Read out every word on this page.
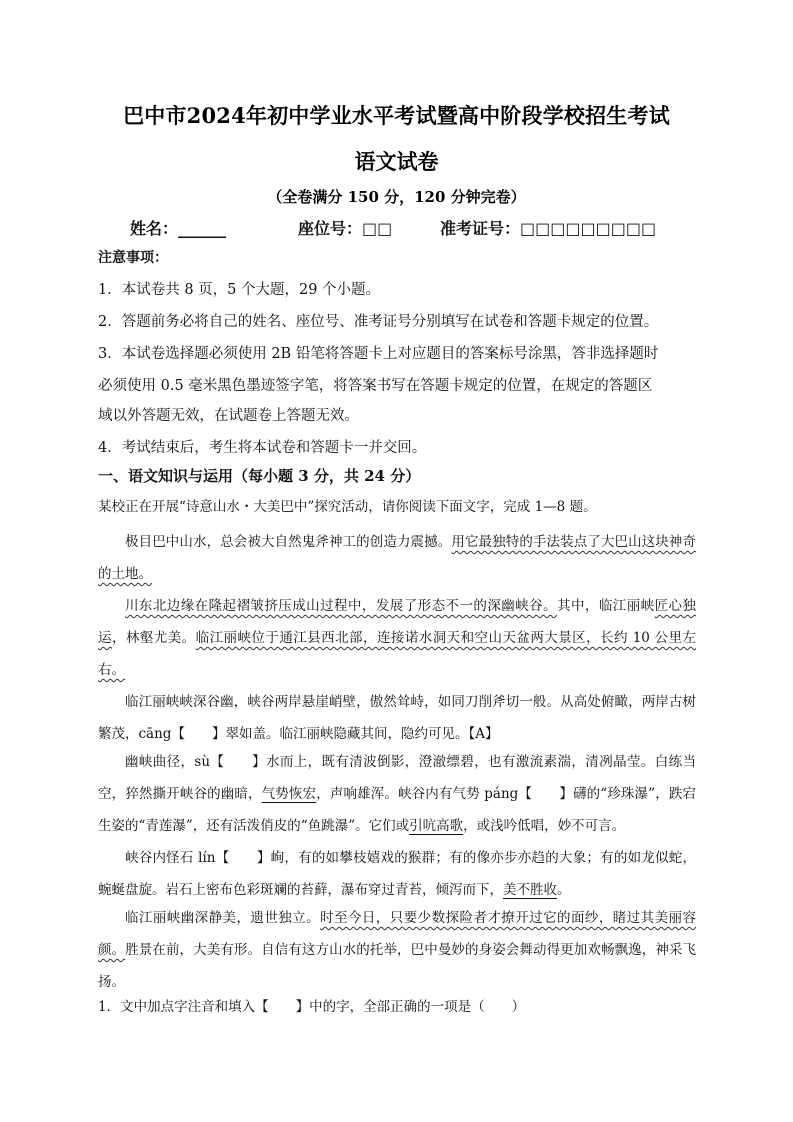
巴中市2024年初中学业水平考试暨高中阶段学校招生考试
语文试卷
（全卷满分 150 分，120 分钟完卷）
姓名：______	座位号：□□	准考证号：□□□□□□□□□
注意事项：
1．本试卷共 8 页，5 个大题，29 个小题。
2．答题前务必将自己的姓名、座位号、准考证号分别填写在试卷和答题卡规定的位置。
3．本试卷选择题必须使用 2B 铅笔将答题卡上对应题目的答案标号涂黑，答非选择题时
必须使用 0.5 毫米黑色墨迹签字笔，将答案书写在答题卡规定的位置，在规定的答题区
域以外答题无效，在试题卷上答题无效。
4．考试结束后，考生将本试卷和答题卡一并交回。
一、语文知识与运用（每小题 3 分，共 24 分）
某校正在开展“诗意山水・大美巴中”探究活动，请你阅读下面文字，完成 1—8 题。
极目巴中山水，总会被大自然鬼斧神工的创造力震撼。用它最独特的手法装点了大巴山这块神奇的土地。
川东北边缘在隆起褶皱挤压成山过程中，发展了形态不一的深幽峡谷。其中，临江丽峡匠心独运，林壑尤美。临江丽峡位于通江县西北部，连接诺水洞天和空山天盆两大景区，长约 10 公里左右。
临江丽峡峡深谷幽，峡谷两岸悬崖峭壁，傲然耸峙，如同刀削斧切一般。从高处俯瞰，两岸古树繁茂，cāng【　　】翠如盖。临江丽峡隐藏其间，隐约可见。【A】
幽峡曲径，sù【　　】水而上，既有清波倒影，澄澈缥碧，也有激流素湍，清冽晶莹。白练当空，猝然撕开峡谷的幽暗，气势恢宏，声响雄浑。峡谷内有气势 páng【　　】礴的“珍珠瀑”，跌宕生姿的“青莲瀑”，还有活泼俏皮的“鱼跳瀑”。它们或引吭高歌，或浅吟低唱，妙不可言。
峡谷内怪石 lín【　　】峋，有的如攀枝嬉戏的猴群；有的像亦步亦趋的大象；有的如龙似蛇，蜿蜒盘旋。岩石上密布色彩斑斓的苔藓，瀑布穿过青苔，倾泻而下，美不胜收。
临江丽峡幽深静美，遗世独立。时至今日，只要少数探险者才撩开过它的面纱，睹过其美丽容颜。胜景在前，大美有形。自信有这方山水的托举，巴中曼妙的身姿会舞动得更加欢畅飘逸，神采飞扬。
1．文中加点字注音和填入【　　】中的字，全部正确的一项是（　　）
